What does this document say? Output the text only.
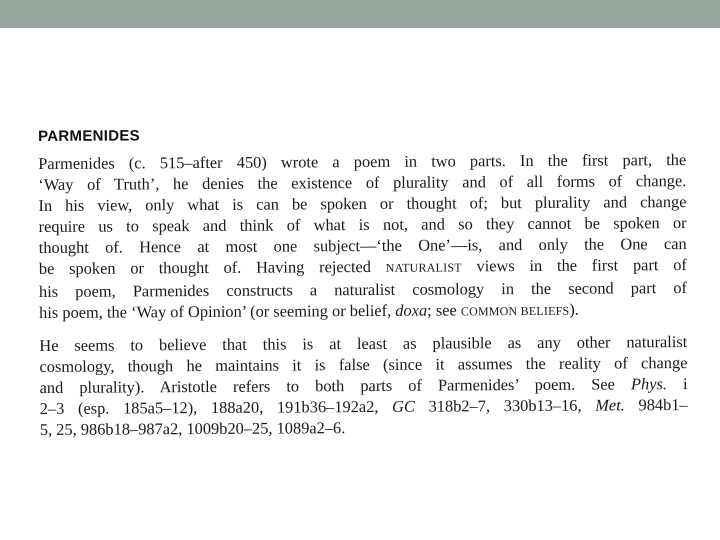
PARMENIDES

Parmenides (c. 515–after 450) wrote a poem in two parts. In the first part, the
‘Way of Truth’, he denies the existence of plurality and of all forms of change.
In his view, only what is can be spoken or thought of; but plurality and change
require us to speak and think of what is not, and so they cannot be spoken or
thought of. Hence at most one subject—‘the One’—is, and only the One can
be spoken or thought of. Having rejected NATURALIST views in the first part of
his poem, Parmenides constructs a naturalist cosmology in the second part of
his poem, the ‘Way of Opinion’ (or seeming or belief, doxa; see COMMON BELIEFS).

He seems to believe that this is at least as plausible as any other naturalist
cosmology, though he maintains it is false (since it assumes the reality of change
and plurality). Aristotle refers to both parts of Parmenides’ poem. See Phys. i
2–3 (esp. 185a5–12), 188a20, 191b36–192a2, GC 318b2–7, 330b13–16, Met. 984b1–
5, 25, 986b18–987a2, 1009b20–25, 1089a2–6.
